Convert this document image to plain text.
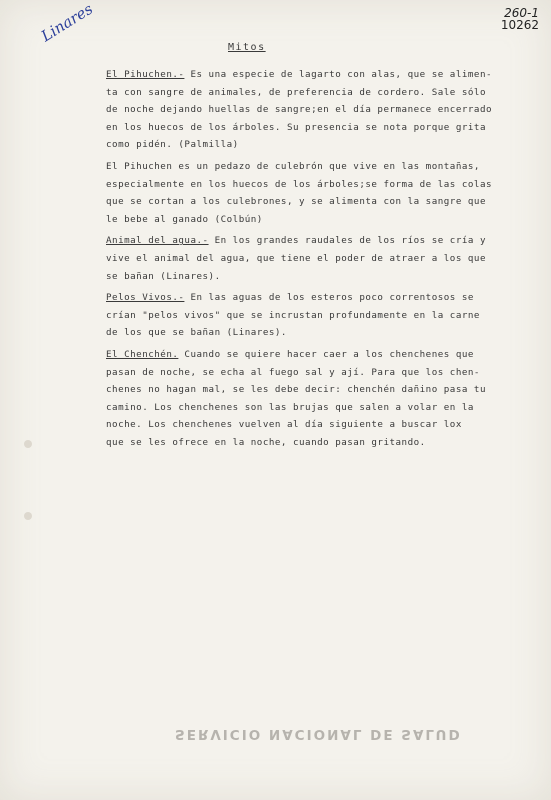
Linares	260-1
10262
Mitos
El Pihuchen.- Es una especie de lagarto con alas, que se alimen-
ta con sangre de animales, de preferencia de cordero. Sale sólo
de noche dejando huellas de sangre;en el día permanece encerrado
en los huecos de los árboles. Su presencia se nota porque grita
como pidén. (Palmilla)
El Pihuchen es un pedazo de culebrón que vive en las montañas,
especialmente en los huecos de los árboles;se forma de las colas
que se cortan a los culebrones, y se alimenta con la sangre que
le bebe al ganado (Colbún)
Animal del agua.- En los grandes raudales de los ríos se cría y
vive el animal del agua, que tiene el poder de atraer a los que
se bañan (Linares).
Pelos Vivos.- En las aguas de los esteros poco correntosos se
crían "pelos vivos" que se incrustan profundamente en la carne
de los que se bañan (Linares).
El Chenchén. Cuando se quiere hacer caer a los chenchenes que
pasan de noche, se echa al fuego sal y ají. Para que los chen-
chenes no hagan mal, se les debe decir: chenchén dañino pasa tu
camino. Los chenchenes son las brujas que salen a volar en la
noche. Los chenchenes vuelven al día siguiente a buscar lox
que se les ofrece en la noche, cuando pasan gritando.
SERVICIO NACIONAL DE SALUD
